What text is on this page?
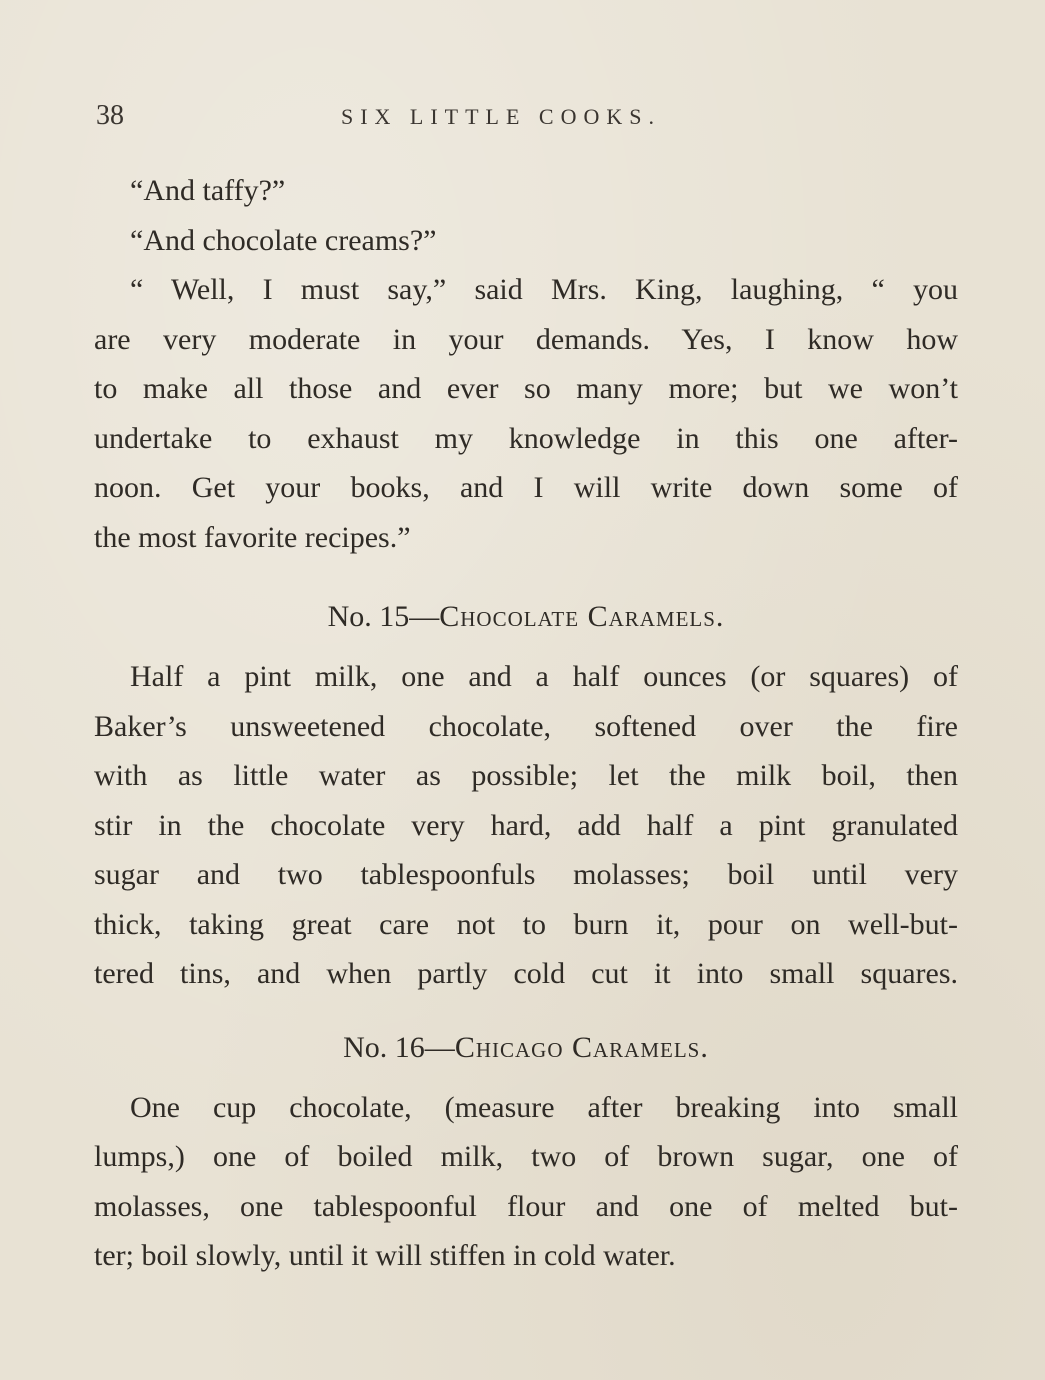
38	SIX LITTLE COOKS.
“And taffy?”
“And chocolate creams?”
“ Well, I must say,” said Mrs. King, laughing, “ you
are very moderate in your demands. Yes, I know how
to make all those and ever so many more; but we won’t
undertake to exhaust my knowledge in this one after-
noon. Get your books, and I will write down some of
the most favorite recipes.”
No. 15—Chocolate Caramels.
Half a pint milk, one and a half ounces (or squares) of
Baker’s unsweetened chocolate, softened over the fire
with as little water as possible; let the milk boil, then
stir in the chocolate very hard, add half a pint granulated
sugar and two tablespoonfuls molasses; boil until very
thick, taking great care not to burn it, pour on well-but-
tered tins, and when partly cold cut it into small squares.
No. 16—Chicago Caramels.
One cup chocolate, (measure after breaking into small
lumps,) one of boiled milk, two of brown sugar, one of
molasses, one tablespoonful flour and one of melted but-
ter; boil slowly, until it will stiffen in cold water.
